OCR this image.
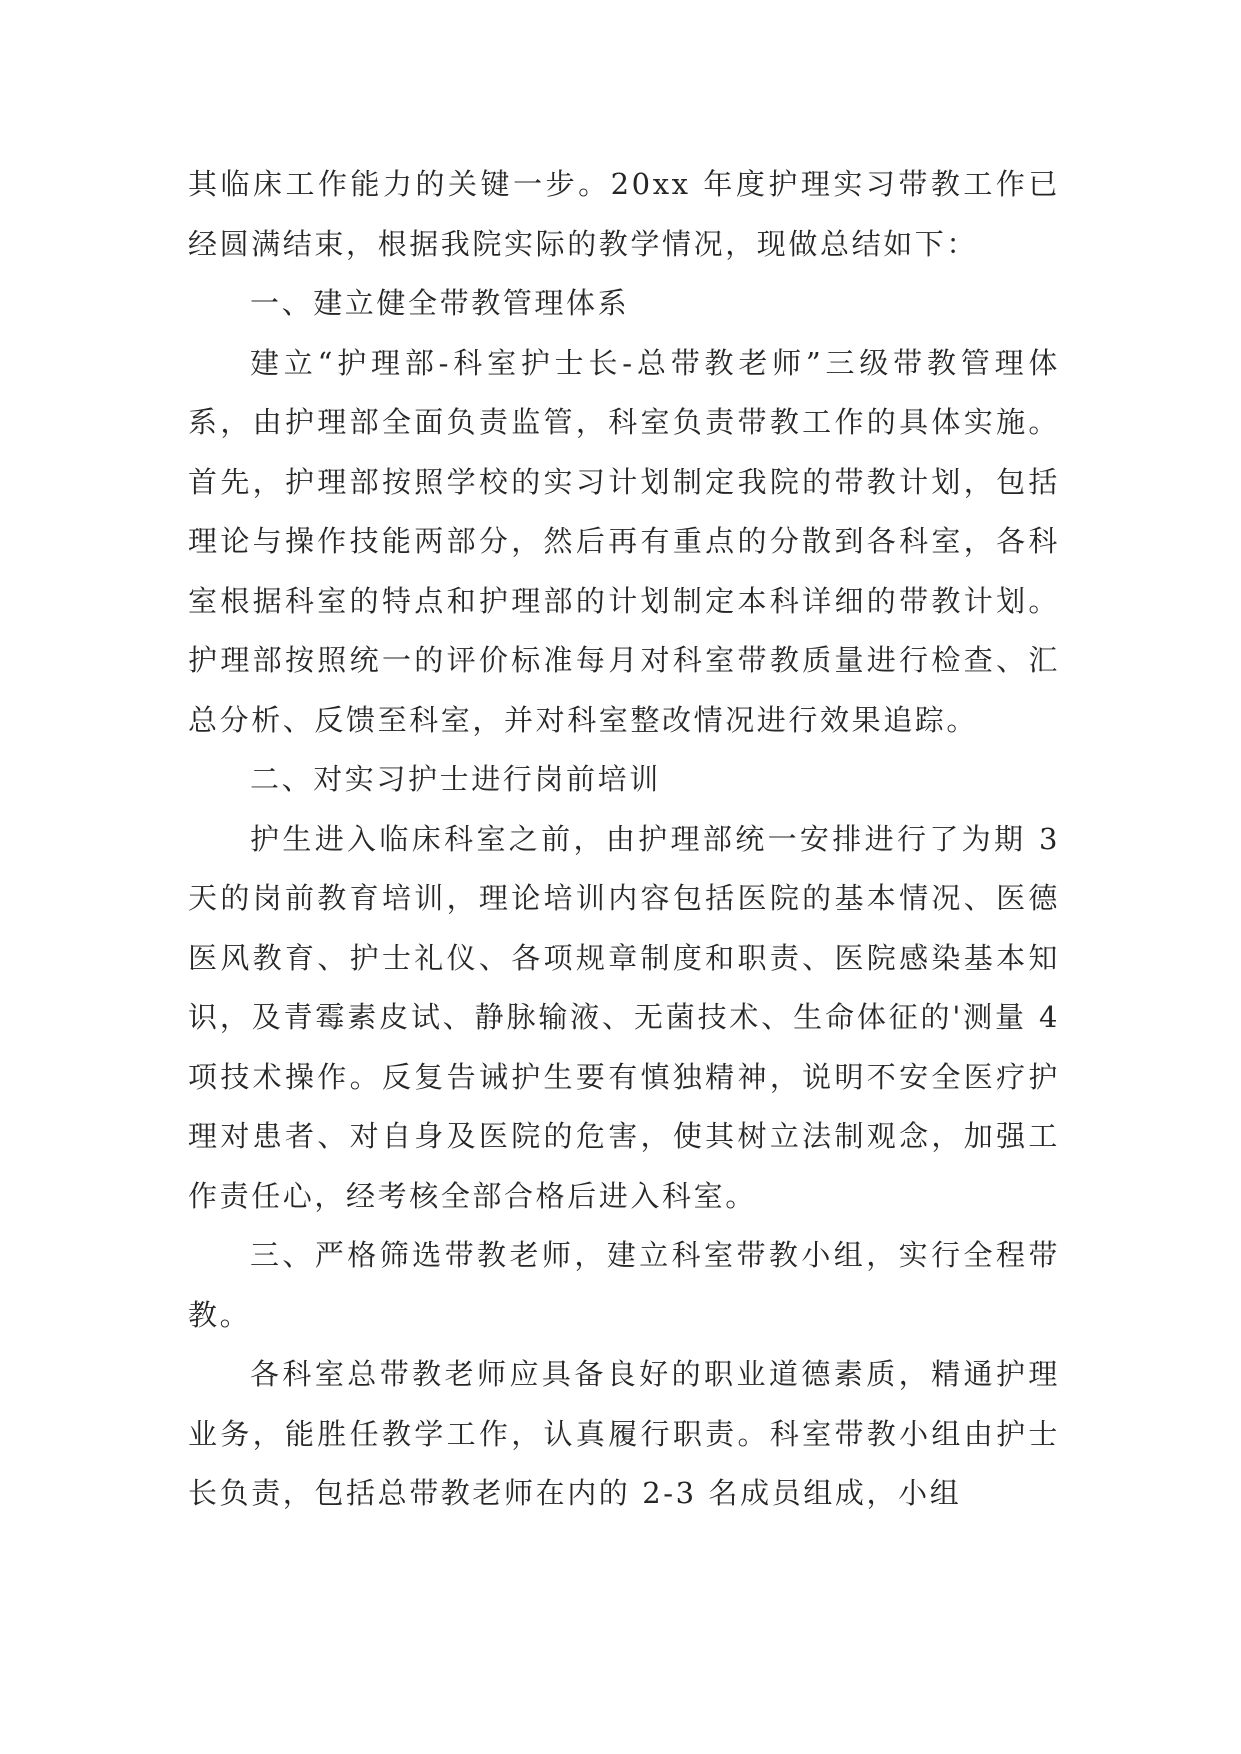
其临床工作能力的关键一步。20xx 年度护理实习带教工作已经圆满结束，根据我院实际的教学情况，现做总结如下：

一、建立健全带教管理体系

建立“护理部-科室护士长-总带教老师”三级带教管理体系，由护理部全面负责监管，科室负责带教工作的具体实施。首先，护理部按照学校的实习计划制定我院的带教计划，包括理论与操作技能两部分，然后再有重点的分散到各科室，各科室根据科室的特点和护理部的计划制定本科详细的带教计划。护理部按照统一的评价标准每月对科室带教质量进行检查、汇总分析、反馈至科室，并对科室整改情况进行效果追踪。

二、对实习护士进行岗前培训

护生进入临床科室之前，由护理部统一安排进行了为期 3 天的岗前教育培训，理论培训内容包括医院的基本情况、医德医风教育、护士礼仪、各项规章制度和职责、医院感染基本知识，及青霉素皮试、静脉输液、无菌技术、生命体征的'测量 4 项技术操作。反复告诫护生要有慎独精神，说明不安全医疗护理对患者、对自身及医院的危害，使其树立法制观念，加强工作责任心，经考核全部合格后进入科室。

三、严格筛选带教老师，建立科室带教小组，实行全程带教。

各科室总带教老师应具备良好的职业道德素质，精通护理业务，能胜任教学工作，认真履行职责。科室带教小组由护士长负责，包括总带教老师在内的 2-3 名成员组成，小组
